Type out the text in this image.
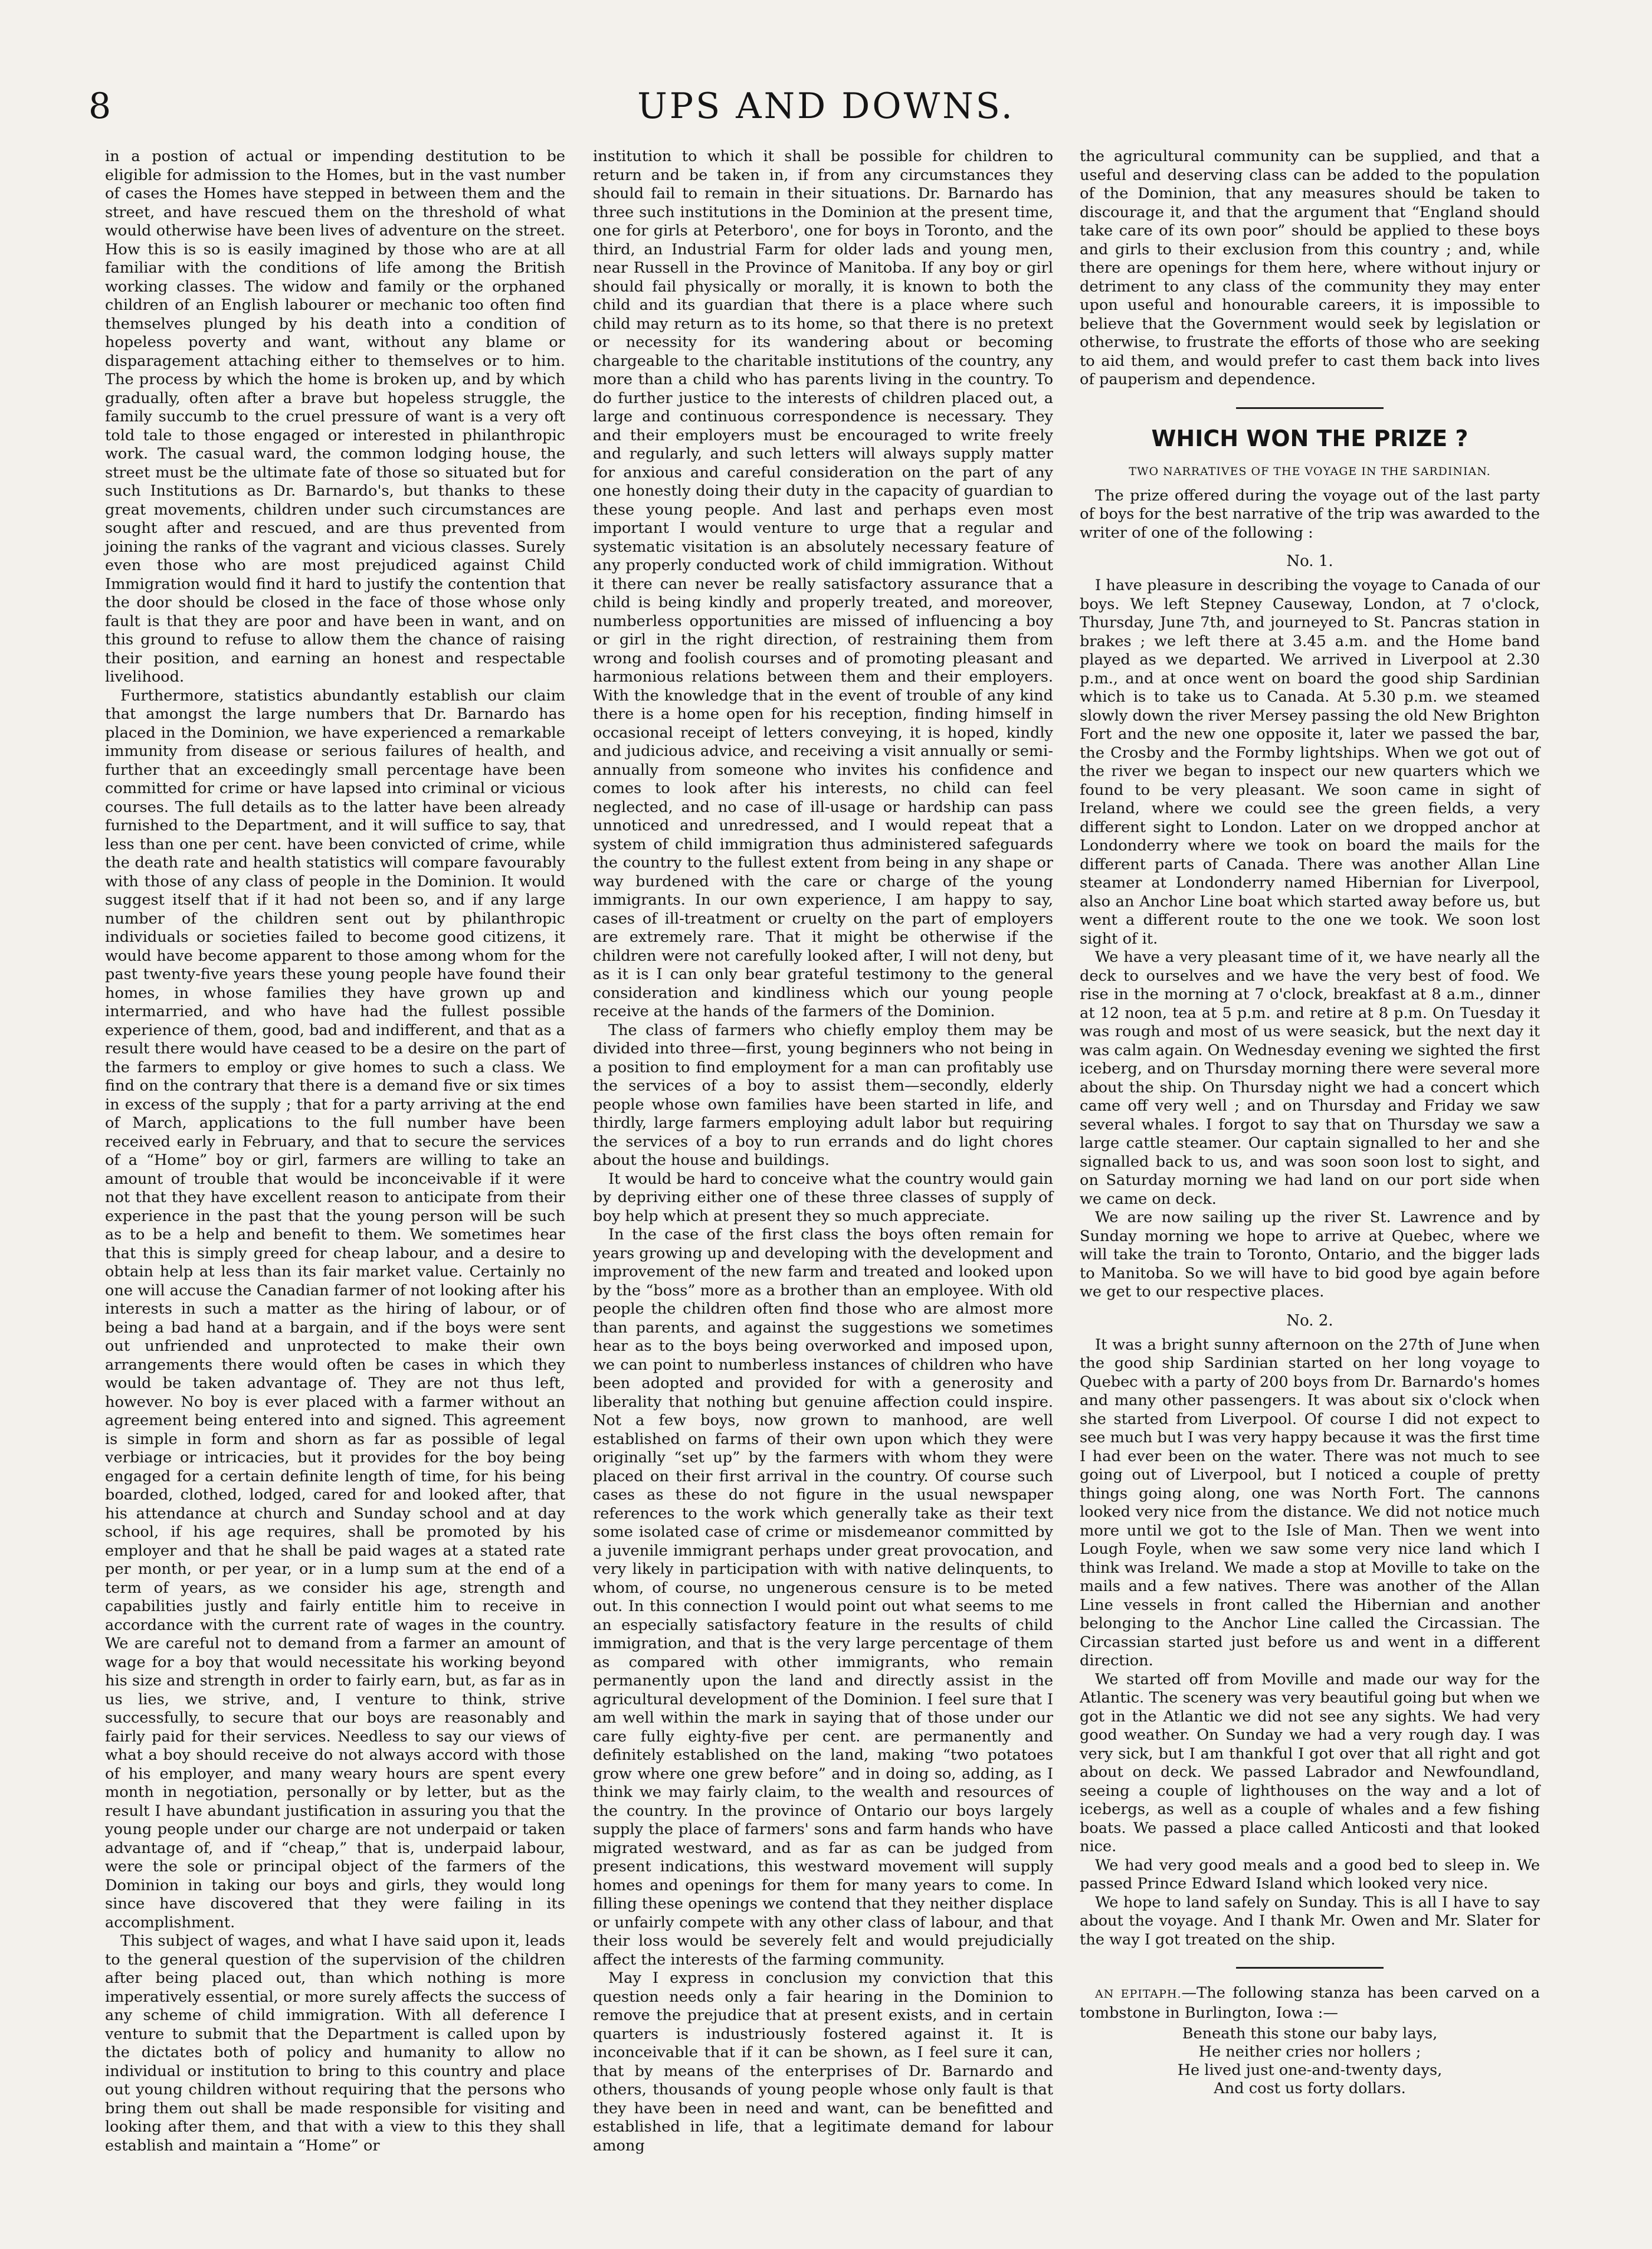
8	UPS AND DOWNS.

in a postion of actual or impending destitution to be eligible for admission to the Homes, but in the vast number of cases the Homes have stepped in between them and the street, and have rescued them on the threshold of what would otherwise have been lives of adventure on the street. How this is so is easily imagined by those who are at all familiar with the conditions of life among the British working classes. The widow and family or the orphaned children of an English labourer or mechanic too often find themselves plunged by his death into a condition of hopeless poverty and want, without any blame or disparagement attaching either to themselves or to him. The process by which the home is broken up, and by which gradually, often after a brave but hopeless struggle, the family succumb to the cruel pressure of want is a very oft told tale to those engaged or interested in philanthropic work. The casual ward, the common lodging house, the street must be the ultimate fate of those so situated but for such Institutions as Dr. Barnardo's, but thanks to these great movements, children under such circumstances are sought after and rescued, and are thus prevented from joining the ranks of the vagrant and vicious classes. Surely even those who are most prejudiced against Child Immigration would find it hard to justify the contention that the door should be closed in the face of those whose only fault is that they are poor and have been in want, and on this ground to refuse to allow them the chance of raising their position, and earning an honest and respectable livelihood.

Furthermore, statistics abundantly establish our claim that amongst the large numbers that Dr. Barnardo has placed in the Dominion, we have experienced a remarkable immunity from disease or serious failures of health, and further that an exceedingly small percentage have been committed for crime or have lapsed into criminal or vicious courses. The full details as to the latter have been already furnished to the Department, and it will suffice to say, that less than one per cent. have been convicted of crime, while the death rate and health statistics will compare favourably with those of any class of people in the Dominion. It would suggest itself that if it had not been so, and if any large number of the children sent out by philanthropic individuals or societies failed to become good citizens, it would have become apparent to those among whom for the past twenty-five years these young people have found their homes, in whose families they have grown up and intermarried, and who have had the fullest possible experience of them, good, bad and indifferent, and that as a result there would have ceased to be a desire on the part of the farmers to employ or give homes to such a class. We find on the contrary that there is a demand five or six times in excess of the supply ; that for a party arriving at the end of March, applications to the full number have been received early in February, and that to secure the services of a “Home” boy or girl, farmers are willing to take an amount of trouble that would be inconceivable if it were not that they have excellent reason to anticipate from their experience in the past that the young person will be such as to be a help and benefit to them. We sometimes hear that this is simply greed for cheap labour, and a desire to obtain help at less than its fair market value. Certainly no one will accuse the Canadian farmer of not looking after his interests in such a matter as the hiring of labour, or of being a bad hand at a bargain, and if the boys were sent out unfriended and unprotected to make their own arrangements there would often be cases in which they would be taken advantage of. They are not thus left, however. No boy is ever placed with a farmer without an agreement being entered into and signed. This agreement is simple in form and shorn as far as possible of legal verbiage or intricacies, but it provides for the boy being engaged for a certain definite length of time, for his being boarded, clothed, lodged, cared for and looked after, that his attendance at church and Sunday school and at day school, if his age requires, shall be promoted by his employer and that he shall be paid wages at a stated rate per month, or per year, or in a lump sum at the end of a term of years, as we consider his age, strength and capabilities justly and fairly entitle him to receive in accordance with the current rate of wages in the country. We are careful not to demand from a farmer an amount of wage for a boy that would necessitate his working beyond his size and strength in order to fairly earn, but, as far as in us lies, we strive, and, I venture to think, strive successfully, to secure that our boys are reasonably and fairly paid for their services. Needless to say our views of what a boy should receive do not always accord with those of his employer, and many weary hours are spent every month in negotiation, personally or by letter, but as the result I have abundant justification in assuring you that the young people under our charge are not underpaid or taken advantage of, and if “cheap,” that is, underpaid labour, were the sole or principal object of the farmers of the Dominion in taking our boys and girls, they would long since have discovered that they were failing in its accomplishment.

This subject of wages, and what I have said upon it, leads to the general question of the supervision of the children after being placed out, than which nothing is more imperatively essential, or more surely affects the success of any scheme of child immigration. With all deference I venture to submit that the Department is called upon by the dictates both of policy and humanity to allow no individual or institution to bring to this country and place out young children without requiring that the persons who bring them out shall be made responsible for visiting and looking after them, and that with a view to this they shall establish and maintain a “Home” or

institution to which it shall be possible for children to return and be taken in, if from any circumstances they should fail to remain in their situations. Dr. Barnardo has three such institutions in the Dominion at the present time, one for girls at Peterboro', one for boys in Toronto, and the third, an Industrial Farm for older lads and young men, near Russell in the Province of Manitoba. If any boy or girl should fail physically or morally, it is known to both the child and its guardian that there is a place where such child may return as to its home, so that there is no pretext or necessity for its wandering about or becoming chargeable to the charitable institutions of the country, any more than a child who has parents living in the country. To do further justice to the interests of children placed out, a large and continuous correspondence is necessary. They and their employers must be encouraged to write freely and regularly, and such letters will always supply matter for anxious and careful consideration on the part of any one honestly doing their duty in the capacity of guardian to these young people. And last and perhaps even most important I would venture to urge that a regular and systematic visitation is an absolutely necessary feature of any properly conducted work of child immigration. Without it there can never be really satisfactory assurance that a child is being kindly and properly treated, and moreover, numberless opportunities are missed of influencing a boy or girl in the right direction, of restraining them from wrong and foolish courses and of promoting pleasant and harmonious relations between them and their employers. With the knowledge that in the event of trouble of any kind there is a home open for his reception, finding himself in occasional receipt of letters conveying, it is hoped, kindly and judicious advice, and receiving a visit annually or semi-annually from someone who invites his confidence and comes to look after his interests, no child can feel neglected, and no case of ill-usage or hardship can pass unnoticed and unredressed, and I would repeat that a system of child immigration thus administered safeguards the country to the fullest extent from being in any shape or way burdened with the care or charge of the young immigrants. In our own experience, I am happy to say, cases of ill-treatment or cruelty on the part of employers are extremely rare. That it might be otherwise if the children were not carefully looked after, I will not deny, but as it is I can only bear grateful testimony to the general consideration and kindliness which our young people receive at the hands of the farmers of the Dominion.

The class of farmers who chiefly employ them may be divided into three—first, young beginners who not being in a position to find employment for a man can profitably use the services of a boy to assist them—secondly, elderly people whose own families have been started in life, and thirdly, large farmers employing adult labor but requiring the services of a boy to run errands and do light chores about the house and buildings.

It would be hard to conceive what the country would gain by depriving either one of these three classes of supply of boy help which at present they so much appreciate.

In the case of the first class the boys often remain for years growing up and developing with the development and improvement of the new farm and treated and looked upon by the “boss” more as a brother than an employee. With old people the children often find those who are almost more than parents, and against the suggestions we sometimes hear as to the boys being overworked and imposed upon, we can point to numberless instances of children who have been adopted and provided for with a generosity and liberality that nothing but genuine affection could inspire. Not a few boys, now grown to manhood, are well established on farms of their own upon which they were originally “set up” by the farmers with whom they were placed on their first arrival in the country. Of course such cases as these do not figure in the usual newspaper references to the work which generally take as their text some isolated case of crime or misdemeanor committed by a juvenile immigrant perhaps under great provocation, and very likely in participation with with native delinquents, to whom, of course, no ungenerous censure is to be meted out. In this connection I would point out what seems to me an especially satisfactory feature in the results of child immigration, and that is the very large percentage of them as compared with other immigrants, who remain permanently upon the land and directly assist in the agricultural development of the Dominion. I feel sure that I am well within the mark in saying that of those under our care fully eighty-five per cent. are permanently and definitely established on the land, making “two potatoes grow where one grew before” and in doing so, adding, as I think we may fairly claim, to the wealth and resources of the country. In the province of Ontario our boys largely supply the place of farmers' sons and farm hands who have migrated westward, and as far as can be judged from present indications, this westward movement will supply homes and openings for them for many years to come. In filling these openings we contend that they neither displace or unfairly compete with any other class of labour, and that their loss would be severely felt and would prejudicially affect the interests of the farming community.

May I express in conclusion my conviction that this question needs only a fair hearing in the Dominion to remove the prejudice that at present exists, and in certain quarters is industriously fostered against it. It is inconceivable that if it can be shown, as I feel sure it can, that by means of the enterprises of Dr. Barnardo and others, thousands of young people whose only fault is that they have been in need and want, can be benefitted and established in life, that a legitimate demand for labour among

the agricultural community can be supplied, and that a useful and deserving class can be added to the population of the Dominion, that any measures should be taken to discourage it, and that the argument that “England should take care of its own poor” should be applied to these boys and girls to their exclusion from this country ; and, while there are openings for them here, where without injury or detriment to any class of the community they may enter upon useful and honourable careers, it is impossible to believe that the Government would seek by legislation or otherwise, to frustrate the efforts of those who are seeking to aid them, and would prefer to cast them back into lives of pauperism and dependence.

WHICH WON THE PRIZE ?
TWO NARRATIVES OF THE VOYAGE IN THE SARDINIAN.

The prize offered during the voyage out of the last party of boys for the best narrative of the trip was awarded to the writer of one of the following :

No. 1.

I have pleasure in describing the voyage to Canada of our boys. We left Stepney Causeway, London, at 7 o'clock, Thursday, June 7th, and journeyed to St. Pancras station in brakes ; we left there at 3.45 a.m. and the Home band played as we departed. We arrived in Liverpool at 2.30 p.m., and at once went on board the good ship Sardinian which is to take us to Canada. At 5.30 p.m. we steamed slowly down the river Mersey passing the old New Brighton Fort and the new one opposite it, later we passed the bar, the Crosby and the Formby lightships. When we got out of the river we began to inspect our new quarters which we found to be very pleasant. We soon came in sight of Ireland, where we could see the green fields, a very different sight to London. Later on we dropped anchor at Londonderry where we took on board the mails for the different parts of Canada. There was another Allan Line steamer at Londonderry named Hibernian for Liverpool, also an Anchor Line boat which started away before us, but went a different route to the one we took. We soon lost sight of it.

We have a very pleasant time of it, we have nearly all the deck to ourselves and we have the very best of food. We rise in the morning at 7 o'clock, breakfast at 8 a.m., dinner at 12 noon, tea at 5 p.m. and retire at 8 p.m. On Tuesday it was rough and most of us were seasick, but the next day it was calm again. On Wednesday evening we sighted the first iceberg, and on Thursday morning there were several more about the ship. On Thursday night we had a concert which came off very well ; and on Thursday and Friday we saw several whales. I forgot to say that on Thursday we saw a large cattle steamer. Our captain signalled to her and she signalled back to us, and was soon soon lost to sight, and on Saturday morning we had land on our port side when we came on deck.

We are now sailing up the river St. Lawrence and by Sunday morning we hope to arrive at Quebec, where we will take the train to Toronto, Ontario, and the bigger lads to Manitoba. So we will have to bid good bye again before we get to our respective places.

No. 2.

It was a bright sunny afternoon on the 27th of June when the good ship Sardinian started on her long voyage to Quebec with a party of 200 boys from Dr. Barnardo's homes and many other passengers. It was about six o'clock when she started from Liverpool. Of course I did not expect to see much but I was very happy because it was the first time I had ever been on the water. There was not much to see going out of Liverpool, but I noticed a couple of pretty things going along, one was North Fort. The cannons looked very nice from the distance. We did not notice much more until we got to the Isle of Man. Then we went into Lough Foyle, when we saw some very nice land which I think was Ireland. We made a stop at Moville to take on the mails and a few natives. There was another of the Allan Line vessels in front called the Hibernian and another belonging to the Anchor Line called the Circassian. The Circassian started just before us and went in a different direction.

We started off from Moville and made our way for the Atlantic. The scenery was very beautiful going but when we got in the Atlantic we did not see any sights. We had very good weather. On Sunday we had a very rough day. I was very sick, but I am thankful I got over that all right and got about on deck. We passed Labrador and Newfoundland, seeing a couple of lighthouses on the way and a lot of icebergs, as well as a couple of whales and a few fishing boats. We passed a place called Anticosti and that looked nice.

We had very good meals and a good bed to sleep in. We passed Prince Edward Island which looked very nice.

We hope to land safely on Sunday. This is all I have to say about the voyage. And I thank Mr. Owen and Mr. Slater for the way I got treated on the ship.

AN EPITAPH.—The following stanza has been carved on a tombstone in Burlington, Iowa :—

Beneath this stone our baby lays,
He neither cries nor hollers ;
He lived just one-and-twenty days,
And cost us forty dollars.
